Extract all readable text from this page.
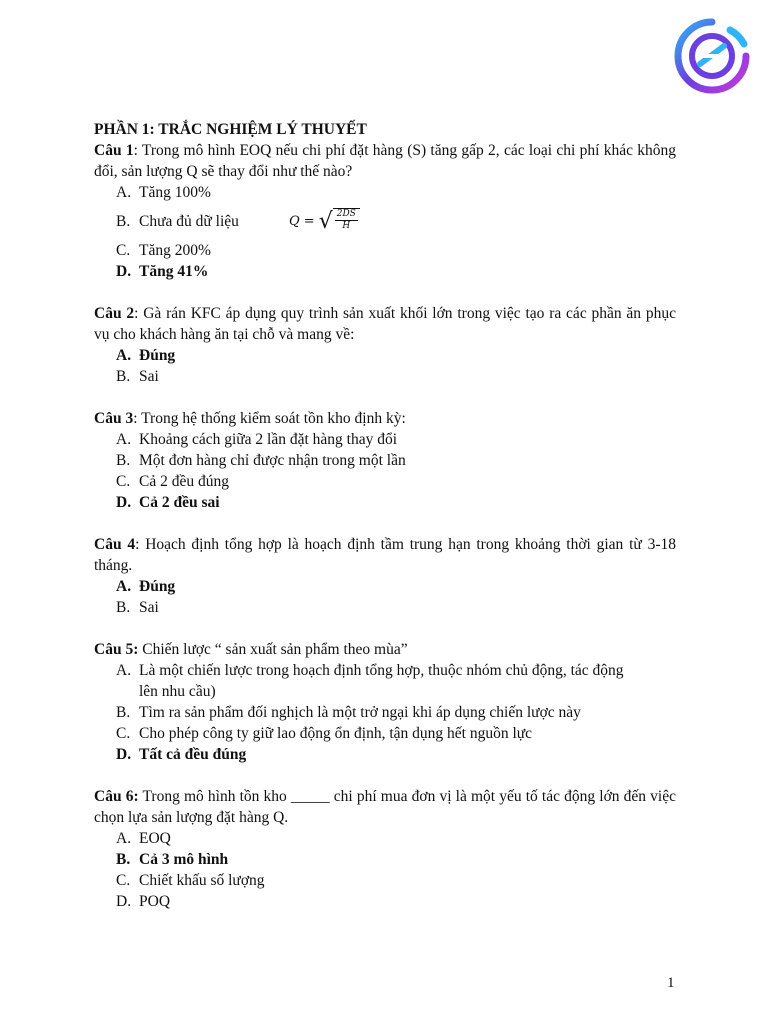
PHẦN 1: TRẮC NGHIỆM LÝ THUYẾT
Câu 1: Trong mô hình EOQ nếu chi phí đặt hàng (S) tăng gấp 2, các loại chi phí khác không đổi, sản lượng Q sẽ thay đổi như thế nào?
A. Tăng 100%
B. Chưa đủ dữ liệu	Q = √ $\frac{2DS}{H}$
C. Tăng 200%
D. Tăng 41%
Câu 2: Gà rán KFC áp dụng quy trình sản xuất khối lớn trong việc tạo ra các phần ăn phục vụ cho khách hàng ăn tại chỗ và mang về:
A. Đúng
B. Sai
Câu 3: Trong hệ thống kiểm soát tồn kho định kỳ:
A. Khoảng cách giữa 2 lần đặt hàng thay đổi
B. Một đơn hàng chỉ được nhận trong một lần
C. Cả 2 đều đúng
D. Cả 2 đều sai
Câu 4: Hoạch định tổng hợp là hoạch định tầm trung hạn trong khoảng thời gian từ 3-18 tháng.
A. Đúng
B. Sai
Câu 5: Chiến lược “ sản xuất sản phẩm theo mùa”
A. Là một chiến lược trong hoạch định tổng hợp, thuộc nhóm chủ động, tác động
lên nhu cầu)
B. Tìm ra sản phẩm đối nghịch là một trở ngại khi áp dụng chiến lược này
C. Cho phép công ty giữ lao động ổn định, tận dụng hết nguồn lực
D. Tất cả đều đúng
Câu 6: Trong mô hình tồn kho _____ chi phí mua đơn vị là một yếu tố tác động lớn đến việc chọn lựa sản lượng đặt hàng Q.
A. EOQ
B. Cả 3 mô hình
C. Chiết khấu số lượng
D. POQ
1
